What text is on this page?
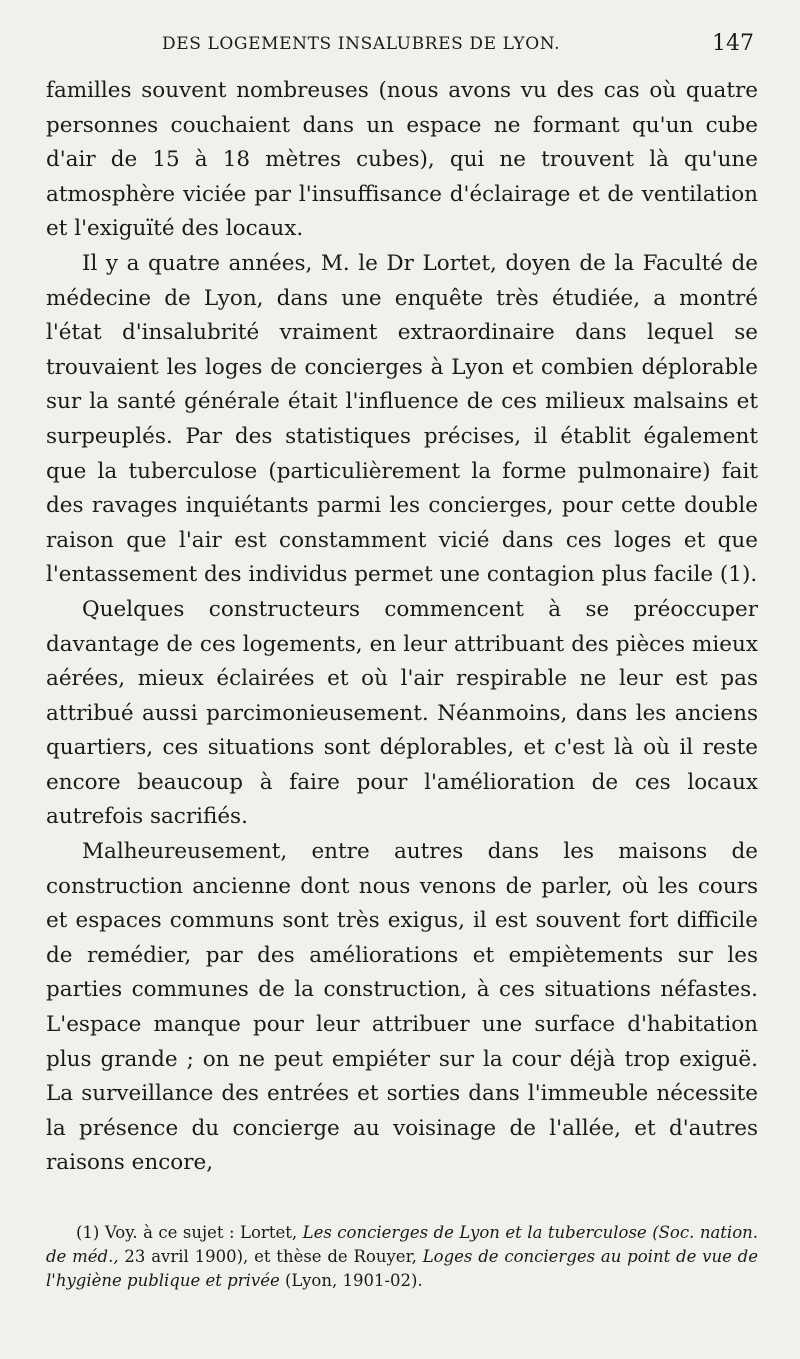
DES LOGEMENTS INSALUBRES DE LYON.	147

familles souvent nombreuses (nous avons vu des cas où quatre personnes couchaient dans un espace ne formant qu'un cube d'air de 15 à 18 mètres cubes), qui ne trouvent là qu'une atmosphère viciée par l'insuffisance d'éclairage et de ventilation et l'exiguïté des locaux.

Il y a quatre années, M. le Dr Lortet, doyen de la Faculté de médecine de Lyon, dans une enquête très étudiée, a montré l'état d'insalubrité vraiment extraordinaire dans lequel se trouvaient les loges de concierges à Lyon et combien déplorable sur la santé générale était l'influence de ces milieux malsains et surpeuplés. Par des statistiques précises, il établit également que la tuberculose (particulièrement la forme pulmonaire) fait des ravages inquiétants parmi les concierges, pour cette double raison que l'air est constamment vicié dans ces loges et que l'entassement des individus permet une contagion plus facile (1).

Quelques constructeurs commencent à se préoccuper davantage de ces logements, en leur attribuant des pièces mieux aérées, mieux éclairées et où l'air respirable ne leur est pas attribué aussi parcimonieusement. Néanmoins, dans les anciens quartiers, ces situations sont déplorables, et c'est là où il reste encore beaucoup à faire pour l'amélioration de ces locaux autrefois sacrifiés.

Malheureusement, entre autres dans les maisons de construction ancienne dont nous venons de parler, où les cours et espaces communs sont très exigus, il est souvent fort difficile de remédier, par des améliorations et empiètements sur les parties communes de la construction, à ces situations néfastes. L'espace manque pour leur attribuer une surface d'habitation plus grande ; on ne peut empiéter sur la cour déjà trop exiguë. La surveillance des entrées et sorties dans l'immeuble nécessite la présence du concierge au voisinage de l'allée, et d'autres raisons encore,

(1) Voy. à ce sujet : Lortet, Les concierges de Lyon et la tuberculose (Soc. nation. de méd., 23 avril 1900), et thèse de Rouyer, Loges de concierges au point de vue de l'hygiène publique et privée (Lyon, 1901-02).
